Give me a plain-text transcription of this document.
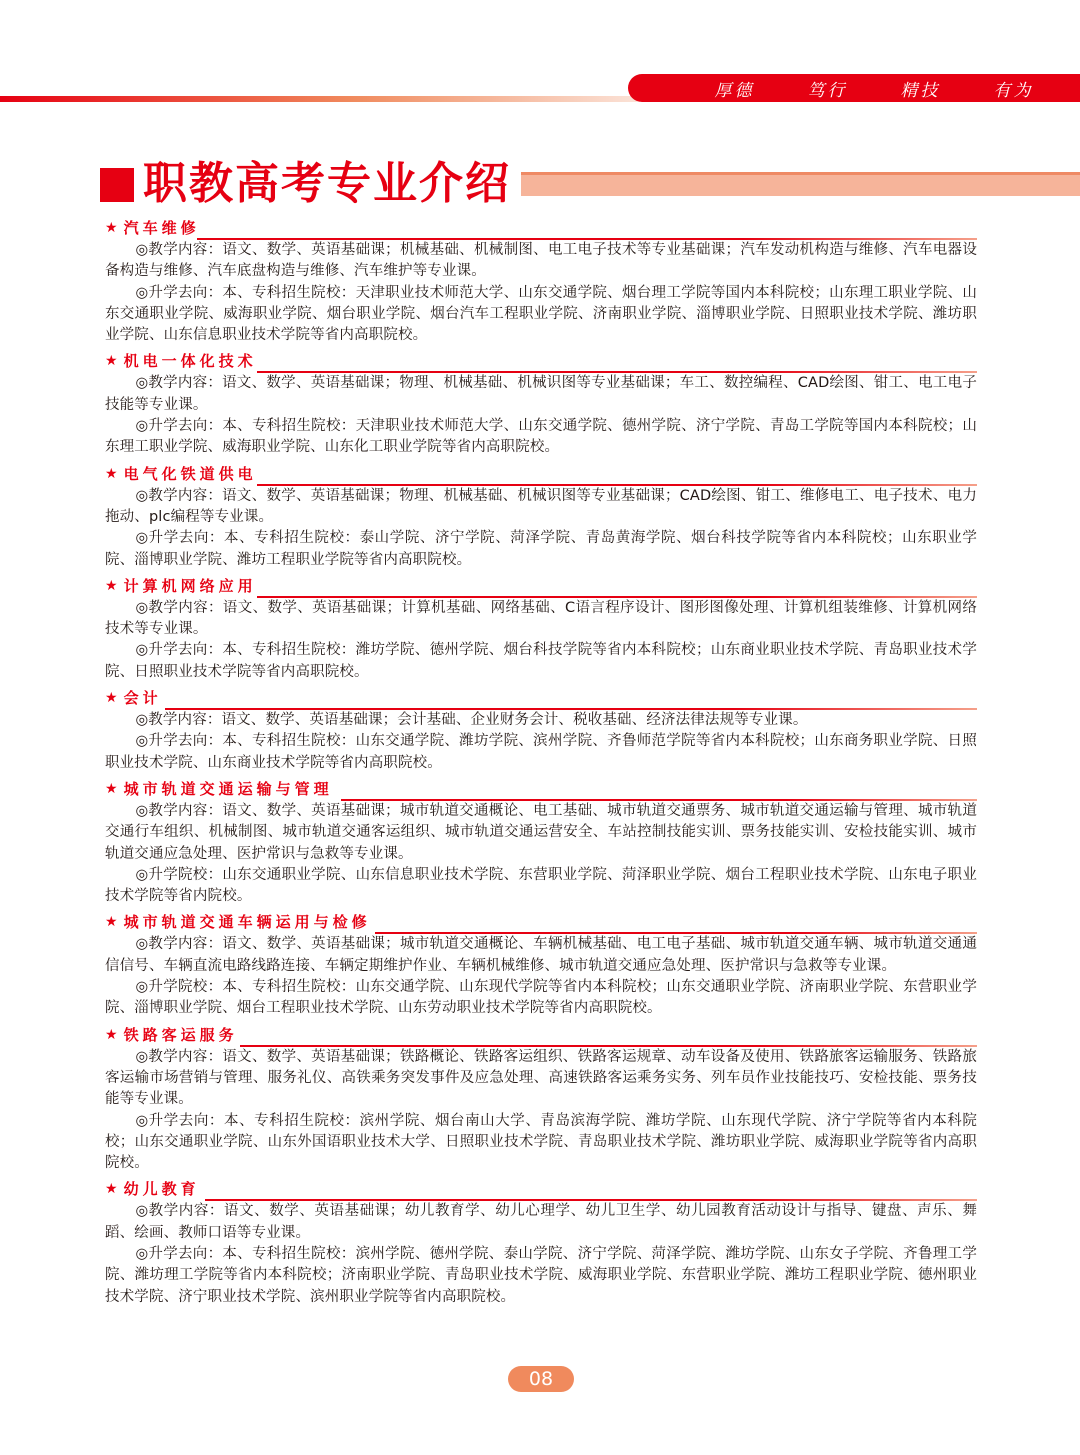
厚德	笃行	精技	有为
职教高考专业介绍
★ 汽车维修

◎教学内容：语文、数学、英语基础课；机械基础、机械制图、电工电子技术等专业基础课；汽车发动机构造与维修、汽车电器设备构造与维修、汽车底盘构造与维修、汽车维护等专业课。

◎升学去向：本、专科招生院校：天津职业技术师范大学、山东交通学院、烟台理工学院等国内本科院校；山东理工职业学院、山东交通职业学院、威海职业学院、烟台职业学院、烟台汽车工程职业学院、济南职业学院、淄博职业学院、日照职业技术学院、潍坊职业学院、山东信息职业技术学院等省内高职院校。

★ 机电一体化技术

◎教学内容：语文、数学、英语基础课；物理、机械基础、机械识图等专业基础课；车工、数控编程、CAD绘图、钳工、电工电子技能等专业课。

◎升学去向：本、专科招生院校：天津职业技术师范大学、山东交通学院、德州学院、济宁学院、青岛工学院等国内本科院校；山东理工职业学院、威海职业学院、山东化工职业学院等省内高职院校。

★ 电气化铁道供电

◎教学内容：语文、数学、英语基础课；物理、机械基础、机械识图等专业基础课；CAD绘图、钳工、维修电工、电子技术、电力拖动、plc编程等专业课。

◎升学去向：本、专科招生院校：泰山学院、济宁学院、菏泽学院、青岛黄海学院、烟台科技学院等省内本科院校；山东职业学院、淄博职业学院、潍坊工程职业学院等省内高职院校。

★ 计算机网络应用

◎教学内容：语文、数学、英语基础课；计算机基础、网络基础、C语言程序设计、图形图像处理、计算机组装维修、计算机网络技术等专业课。

◎升学去向：本、专科招生院校：潍坊学院、德州学院、烟台科技学院等省内本科院校；山东商业职业技术学院、青岛职业技术学院、日照职业技术学院等省内高职院校。

★ 会计

◎教学内容：语文、数学、英语基础课；会计基础、企业财务会计、税收基础、经济法律法规等专业课。

◎升学去向：本、专科招生院校：山东交通学院、潍坊学院、滨州学院、齐鲁师范学院等省内本科院校；山东商务职业学院、日照职业技术学院、山东商业技术学院等省内高职院校。

★ 城市轨道交通运输与管理

◎教学内容：语文、数学、英语基础课；城市轨道交通概论、电工基础、城市轨道交通票务、城市轨道交通运输与管理、城市轨道交通行车组织、机械制图、城市轨道交通客运组织、城市轨道交通运营安全、车站控制技能实训、票务技能实训、安检技能实训、城市轨道交通应急处理、医护常识与急救等专业课。

◎升学院校：山东交通职业学院、山东信息职业技术学院、东营职业学院、菏泽职业学院、烟台工程职业技术学院、山东电子职业技术学院等省内院校。

★ 城市轨道交通车辆运用与检修

◎教学内容：语文、数学、英语基础课；城市轨道交通概论、车辆机械基础、电工电子基础、城市轨道交通车辆、城市轨道交通通信信号、车辆直流电路线路连接、车辆定期维护作业、车辆机械维修、城市轨道交通应急处理、医护常识与急救等专业课。

◎升学院校：本、专科招生院校：山东交通学院、山东现代学院等省内本科院校；山东交通职业学院、济南职业学院、东营职业学院、淄博职业学院、烟台工程职业技术学院、山东劳动职业技术学院等省内高职院校。

★ 铁路客运服务

◎教学内容：语文、数学、英语基础课；铁路概论、铁路客运组织、铁路客运规章、动车设备及使用、铁路旅客运输服务、铁路旅客运输市场营销与管理、服务礼仪、高铁乘务突发事件及应急处理、高速铁路客运乘务实务、列车员作业技能技巧、安检技能、票务技能等专业课。

◎升学去向：本、专科招生院校：滨州学院、烟台南山大学、青岛滨海学院、潍坊学院、山东现代学院、济宁学院等省内本科院校；山东交通职业学院、山东外国语职业技术大学、日照职业技术学院、青岛职业技术学院、潍坊职业学院、威海职业学院等省内高职院校。

★ 幼儿教育

◎教学内容：语文、数学、英语基础课；幼儿教育学、幼儿心理学、幼儿卫生学、幼儿园教育活动设计与指导、键盘、声乐、舞蹈、绘画、教师口语等专业课。

◎升学去向：本、专科招生院校：滨州学院、德州学院、泰山学院、济宁学院、菏泽学院、潍坊学院、山东女子学院、齐鲁理工学院、潍坊理工学院等省内本科院校；济南职业学院、青岛职业技术学院、威海职业学院、东营职业学院、潍坊工程职业学院、德州职业技术学院、济宁职业技术学院、滨州职业学院等省内高职院校。

08
